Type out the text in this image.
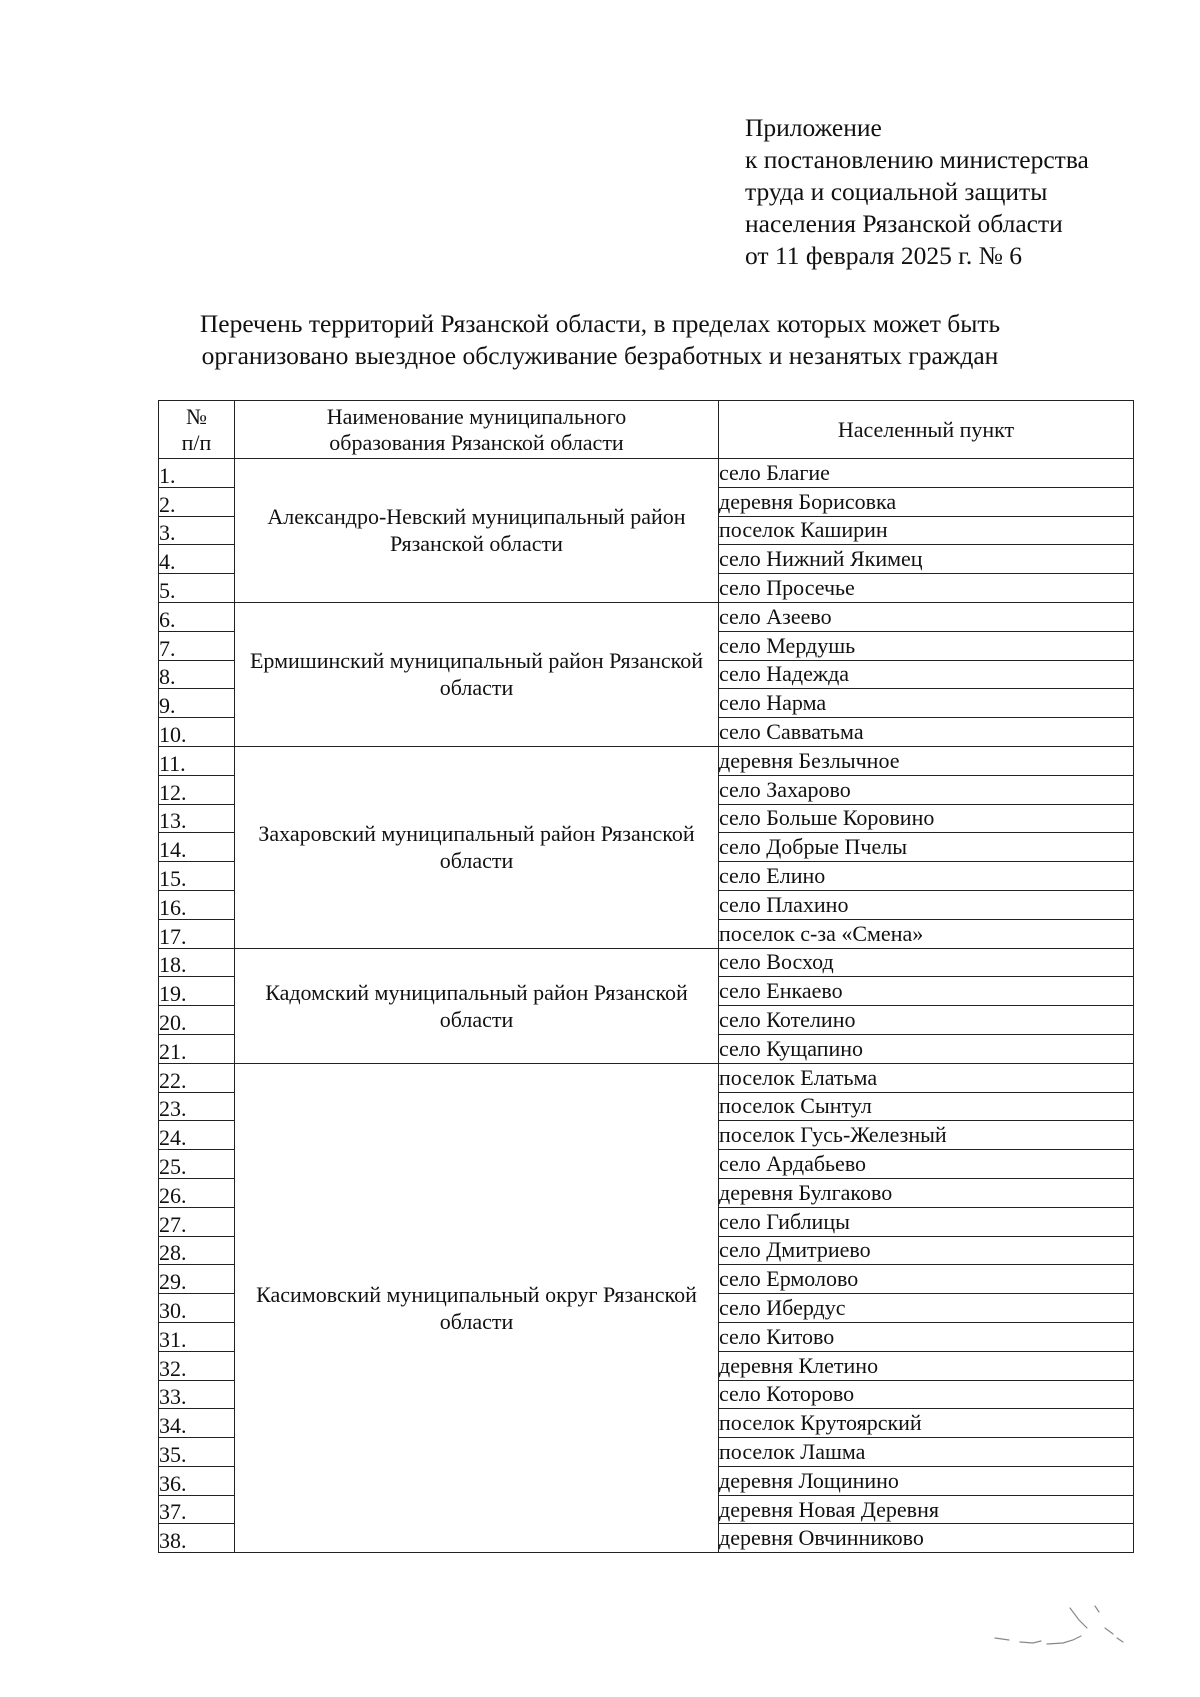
Приложение
к постановлению министерства
труда и социальной защиты
населения Рязанской области
от 11 февраля 2025 г. № 6
Перечень территорий Рязанской области, в пределах которых может быть
организовано выездное обслуживание безработных и незанятых граждан
№ п/п	Наименование муниципального образования Рязанской области	Населенный пункт
1.	Александро-Невский муниципальный район Рязанской области	село Благие
2.		деревня Борисовка
3.		поселок Каширин
4.		село Нижний Якимец
5.		село Просечье
6.	Ермишинский муниципальный район Рязанской области	село Азеево
7.		село Мердушь
8.		село Надежда
9.		село Нарма
10.		село Савватьма
11.	Захаровский муниципальный район Рязанской области	деревня Безлычное
12.		село Захарово
13.		село Больше Коровино
14.		село Добрые Пчелы
15.		село Елино
16.		село Плахино
17.		поселок с-за «Смена»
18.	Кадомский муниципальный район Рязанской области	село Восход
19.		село Енкаево
20.		село Котелино
21.		село Кущапино
22.	Касимовский муниципальный округ Рязанской области	поселок Елатьма
23.		поселок Сынтул
24.		поселок Гусь-Железный
25.		село Ардабьево
26.		деревня Булгаково
27.		село Гиблицы
28.		село Дмитриево
29.		село Ермолово
30.		село Ибердус
31.		село Китово
32.		деревня Клетино
33.		село Которово
34.		поселок Крутоярский
35.		поселок Лашма
36.		деревня Лощинино
37.		деревня Новая Деревня
38.		деревня Овчинниково
